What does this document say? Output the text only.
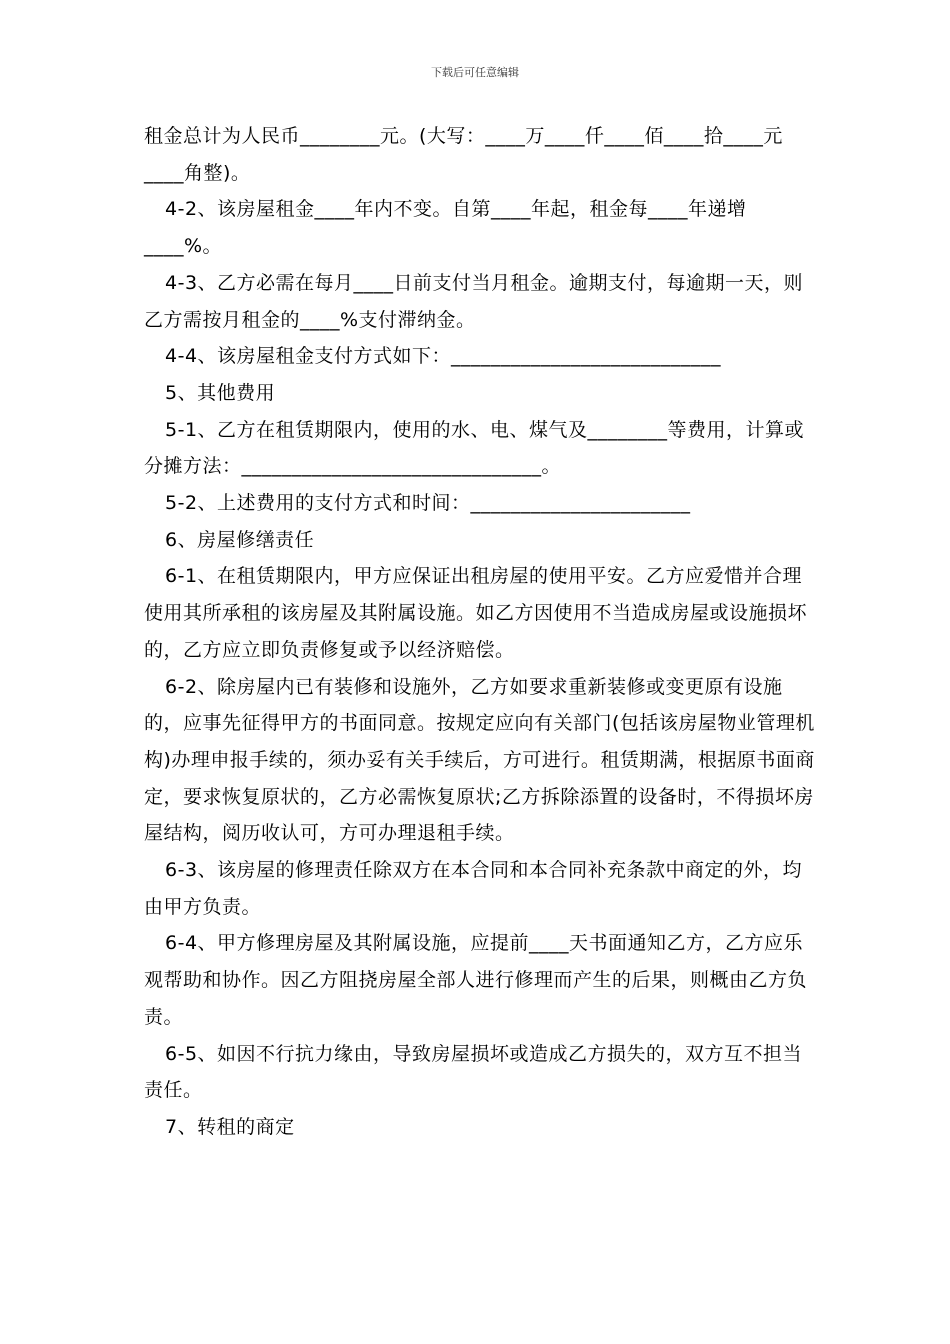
下载后可任意编辑

租金总计为人民币________元。(大写：____万____仟____佰____拾____元____角整)。

4-2、该房屋租金____年内不变。自第____年起，租金每____年递增____%。

4-3、乙方必需在每月____日前支付当月租金。逾期支付，每逾期一天，则乙方需按月租金的____%支付滞纳金。

4-4、该房屋租金支付方式如下：___________________________

5、其他费用

5-1、乙方在租赁期限内，使用的水、电、煤气及________等费用，计算或分摊方法：______________________________。

5-2、上述费用的支付方式和时间：______________________

6、房屋修缮责任

6-1、在租赁期限内，甲方应保证出租房屋的使用平安。乙方应爱惜并合理使用其所承租的该房屋及其附属设施。如乙方因使用不当造成房屋或设施损坏的，乙方应立即负责修复或予以经济赔偿。

6-2、除房屋内已有装修和设施外，乙方如要求重新装修或变更原有设施的，应事先征得甲方的书面同意。按规定应向有关部门(包括该房屋物业管理机构)办理申报手续的，须办妥有关手续后，方可进行。租赁期满，根据原书面商定，要求恢复原状的，乙方必需恢复原状;乙方拆除添置的设备时，不得损坏房屋结构，阅历收认可，方可办理退租手续。

6-3、该房屋的修理责任除双方在本合同和本合同补充条款中商定的外，均由甲方负责。

6-4、甲方修理房屋及其附属设施，应提前____天书面通知乙方，乙方应乐观帮助和协作。因乙方阻挠房屋全部人进行修理而产生的后果，则概由乙方负责。

6-5、如因不行抗力缘由，导致房屋损坏或造成乙方损失的，双方互不担当责任。

7、转租的商定
